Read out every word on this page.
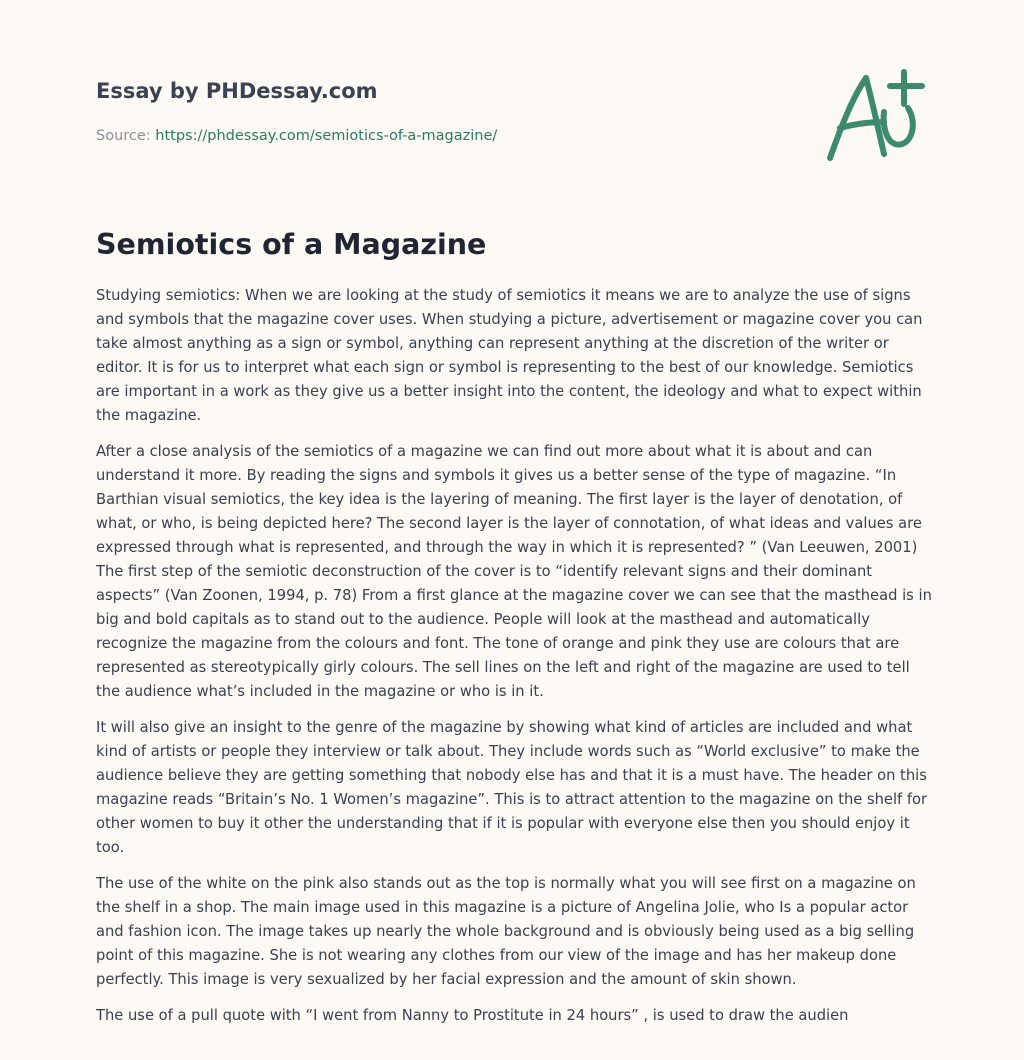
Essay by PHDessay.com
Source: https://phdessay.com/semiotics-of-a-magazine/
Semiotics of a Magazine

Studying semiotics: When we are looking at the study of semiotics it means we are to analyze the use of signs and symbols that the magazine cover uses. When studying a picture, advertisement or magazine cover you can take almost anything as a sign or symbol, anything can represent anything at the discretion of the writer or editor. It is for us to interpret what each sign or symbol is representing to the best of our knowledge. Semiotics are important in a work as they give us a better insight into the content, the ideology and what to expect within the magazine.

After a close analysis of the semiotics of a magazine we can find out more about what it is about and can understand it more. By reading the signs and symbols it gives us a better sense of the type of magazine. “In Barthian visual semiotics, the key idea is the layering of meaning. The first layer is the layer of denotation, of what, or who, is being depicted here? The second layer is the layer of connotation, of what ideas and values are expressed through what is represented, and through the way in which it is represented? ” (Van Leeuwen, 2001) The first step of the semiotic deconstruction of the cover is to “identify relevant signs and their dominant aspects” (Van Zoonen, 1994, p. 78) From a first glance at the magazine cover we can see that the masthead is in big and bold capitals as to stand out to the audience. People will look at the masthead and automatically recognize the magazine from the colours and font. The tone of orange and pink they use are colours that are represented as stereotypically girly colours. The sell lines on the left and right of the magazine are used to tell the audience what’s included in the magazine or who is in it.

It will also give an insight to the genre of the magazine by showing what kind of articles are included and what kind of artists or people they interview or talk about. They include words such as “World exclusive” to make the audience believe they are getting something that nobody else has and that it is a must have. The header on this magazine reads “Britain’s No. 1 Women’s magazine”. This is to attract attention to the magazine on the shelf for other women to buy it other the understanding that if it is popular with everyone else then you should enjoy it too.

The use of the white on the pink also stands out as the top is normally what you will see first on a magazine on the shelf in a shop. The main image used in this magazine is a picture of Angelina Jolie, who Is a popular actor and fashion icon. The image takes up nearly the whole background and is obviously being used as a big selling point of this magazine. She is not wearing any clothes from our view of the image and has her makeup done perfectly. This image is very sexualized by her facial expression and the amount of skin shown.

The use of a pull quote with “I went from Nanny to Prostitute in 24 hours” , is used to draw the audien
